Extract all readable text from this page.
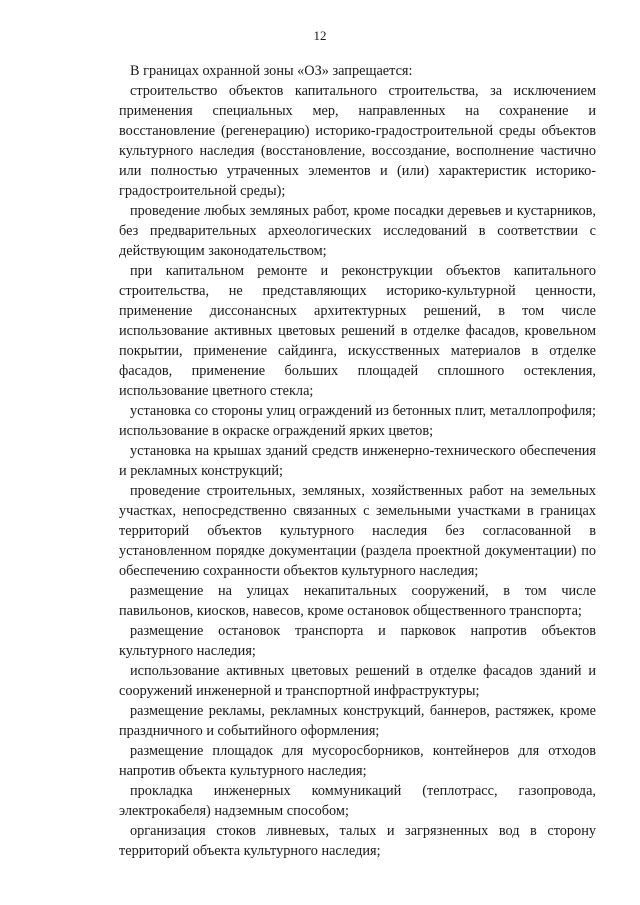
12

В границах охранной зоны «ОЗ» запрещается:

строительство объектов капитального строительства, за исключением применения специальных мер, направленных на сохранение и восстановление (регенерацию) историко-градостроительной среды объектов культурного наследия (восстановление, воссоздание, восполнение частично или полностью утраченных элементов и (или) характеристик историко-градостроительной среды);

проведение любых земляных работ, кроме посадки деревьев и кустарников, без предварительных археологических исследований в соответствии с действующим законодательством;

при капитальном ремонте и реконструкции объектов капитального строительства, не представляющих историко-культурной ценности, применение диссонансных архитектурных решений, в том числе использование активных цветовых решений в отделке фасадов, кровельном покрытии, применение сайдинга, искусственных материалов в отделке фасадов, применение больших площадей сплошного остекления, использование цветного стекла;

установка со стороны улиц ограждений из бетонных плит, металлопрофиля; использование в окраске ограждений ярких цветов;

установка на крышах зданий средств инженерно-технического обеспечения и рекламных конструкций;

проведение строительных, земляных, хозяйственных работ на земельных участках, непосредственно связанных с земельными участками в границах территорий объектов культурного наследия без согласованной в установленном порядке документации (раздела проектной документации) по обеспечению сохранности объектов культурного наследия;

размещение на улицах некапитальных сооружений, в том числе павильонов, киосков, навесов, кроме остановок общественного транспорта;

размещение остановок транспорта и парковок напротив объектов культурного наследия;

использование активных цветовых решений в отделке фасадов зданий и сооружений инженерной и транспортной инфраструктуры;

размещение рекламы, рекламных конструкций, баннеров, растяжек, кроме праздничного и событийного оформления;

размещение площадок для мусоросборников, контейнеров для отходов напротив объекта культурного наследия;

прокладка инженерных коммуникаций (теплотрасс, газопровода, электрокабеля) надземным способом;

организация стоков ливневых, талых и загрязненных вод в сторону территорий объекта культурного наследия;
